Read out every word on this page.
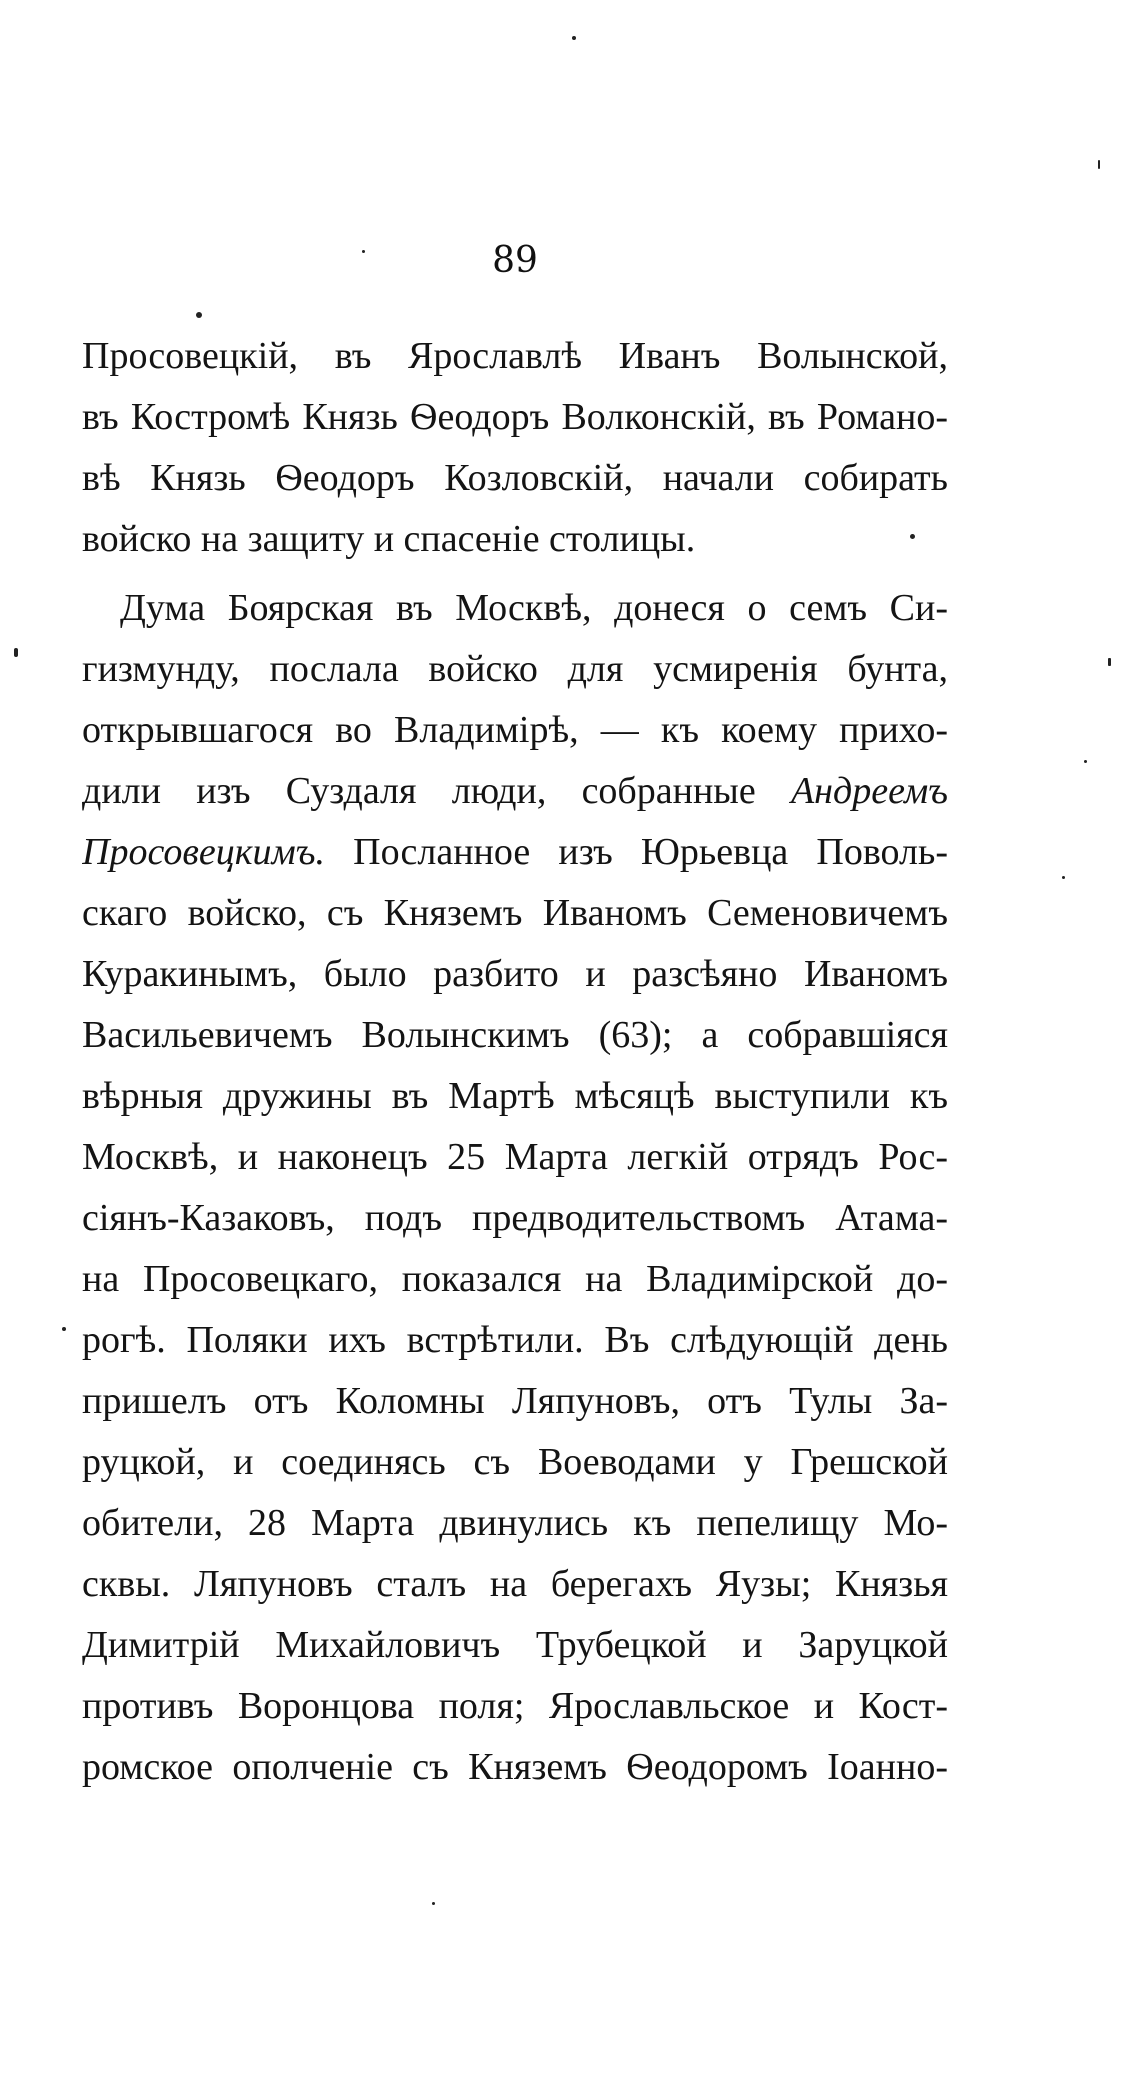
89
Просовецкій, въ Ярославлѣ Иванъ Волынской,
въ Костромѣ Князь Ѳеодоръ Волконскій, въ Романо-
вѣ Князь Ѳеодоръ Козловскій, начали собирать
войско на защиту и спасеніе столицы.
Дума Боярская въ Москвѣ, донеся о семъ Си-
гизмунду, послала войско для усмиренія бунта,
открывшагося во Владимірѣ, — къ коему прихо-
дили изъ Суздаля люди, собранные Андреемъ
Просовецкимъ. Посланное изъ Юрьевца Поволь-
скаго войско, съ Княземъ Иваномъ Семеновичемъ
Куракинымъ, было разбито и разсѣяно Иваномъ
Васильевичемъ Волынскимъ (63); а собравшіяся
вѣрныя дружины въ Мартѣ мѣсяцѣ выступили къ
Москвѣ, и наконецъ 25 Марта легкій отрядъ Рос-
сіянъ-Казаковъ, подъ предводительствомъ Атама-
на Просовецкаго, показался на Владимірской до-
рогѣ. Поляки ихъ встрѣтили. Въ слѣдующій день
пришелъ отъ Коломны Ляпуновъ, отъ Тулы За-
руцкой, и соединясь съ Воеводами у Грешской
обители, 28 Марта двинулись къ пепелищу Мо-
сквы. Ляпуновъ сталъ на берегахъ Яузы; Князья
Димитрій Михайловичъ Трубецкой и Заруцкой
противъ Воронцова поля; Ярославльское и Кост-
ромское ополченіе съ Княземъ Ѳеодоромъ Іоанно-
